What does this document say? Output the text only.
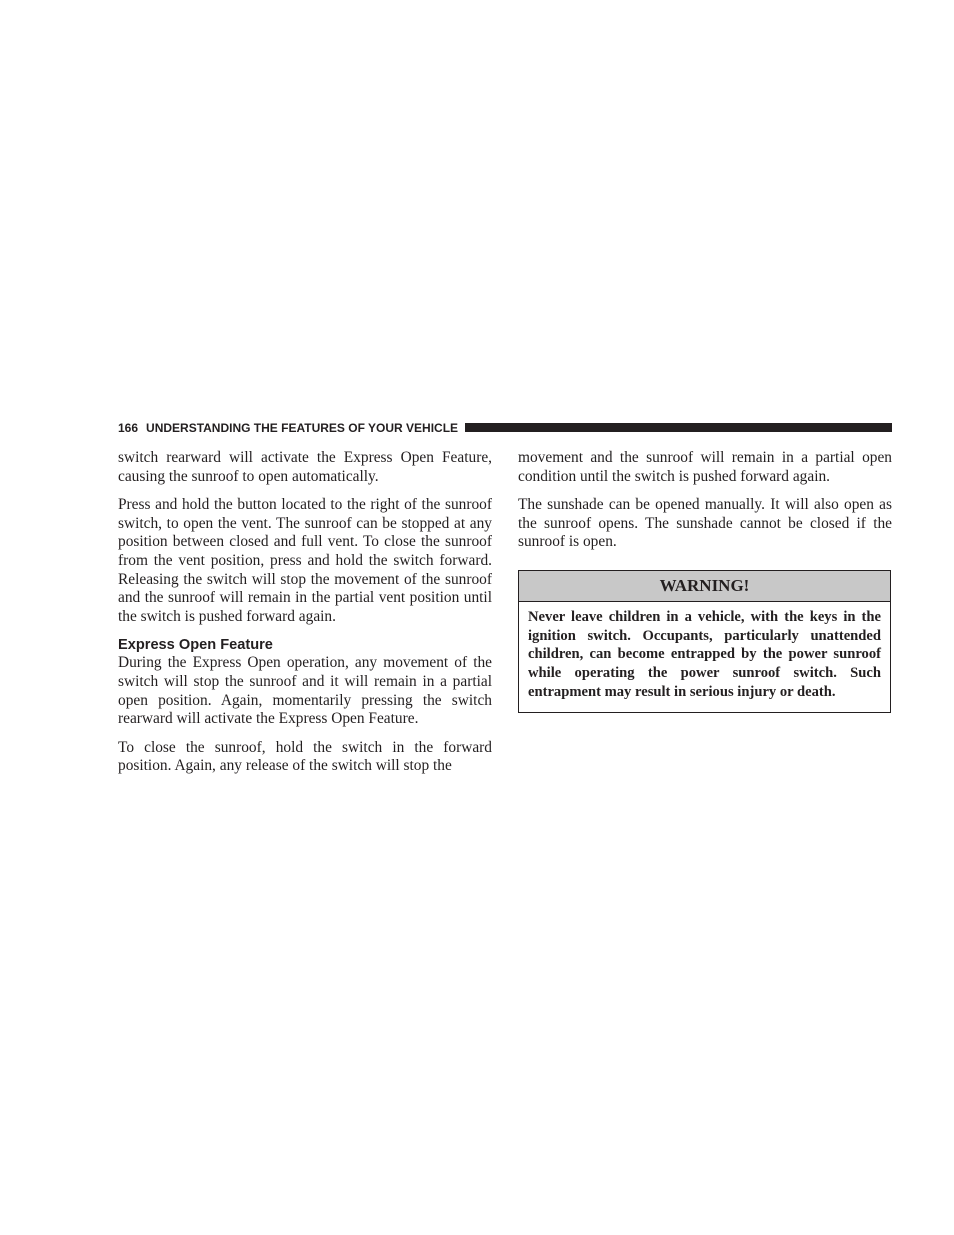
166 UNDERSTANDING THE FEATURES OF YOUR VEHICLE

switch rearward will activate the Express Open Feature, causing the sunroof to open automatically.

Press and hold the button located to the right of the sunroof switch, to open the vent. The sunroof can be stopped at any position between closed and full vent. To close the sunroof from the vent position, press and hold the switch forward. Releasing the switch will stop the movement of the sunroof and the sunroof will remain in the partial vent position until the switch is pushed forward again.

Express Open Feature

During the Express Open operation, any movement of the switch will stop the sunroof and it will remain in a partial open position. Again, momentarily pressing the switch rearward will activate the Express Open Feature.

To close the sunroof, hold the switch in the forward position. Again, any release of the switch will stop the

movement and the sunroof will remain in a partial open condition until the switch is pushed forward again.

The sunshade can be opened manually. It will also open as the sunroof opens. The sunshade cannot be closed if the sunroof is open.

WARNING!
Never leave children in a vehicle, with the keys in the ignition switch. Occupants, particularly unattended children, can become entrapped by the power sunroof while operating the power sunroof switch. Such entrapment may result in serious injury or death.
